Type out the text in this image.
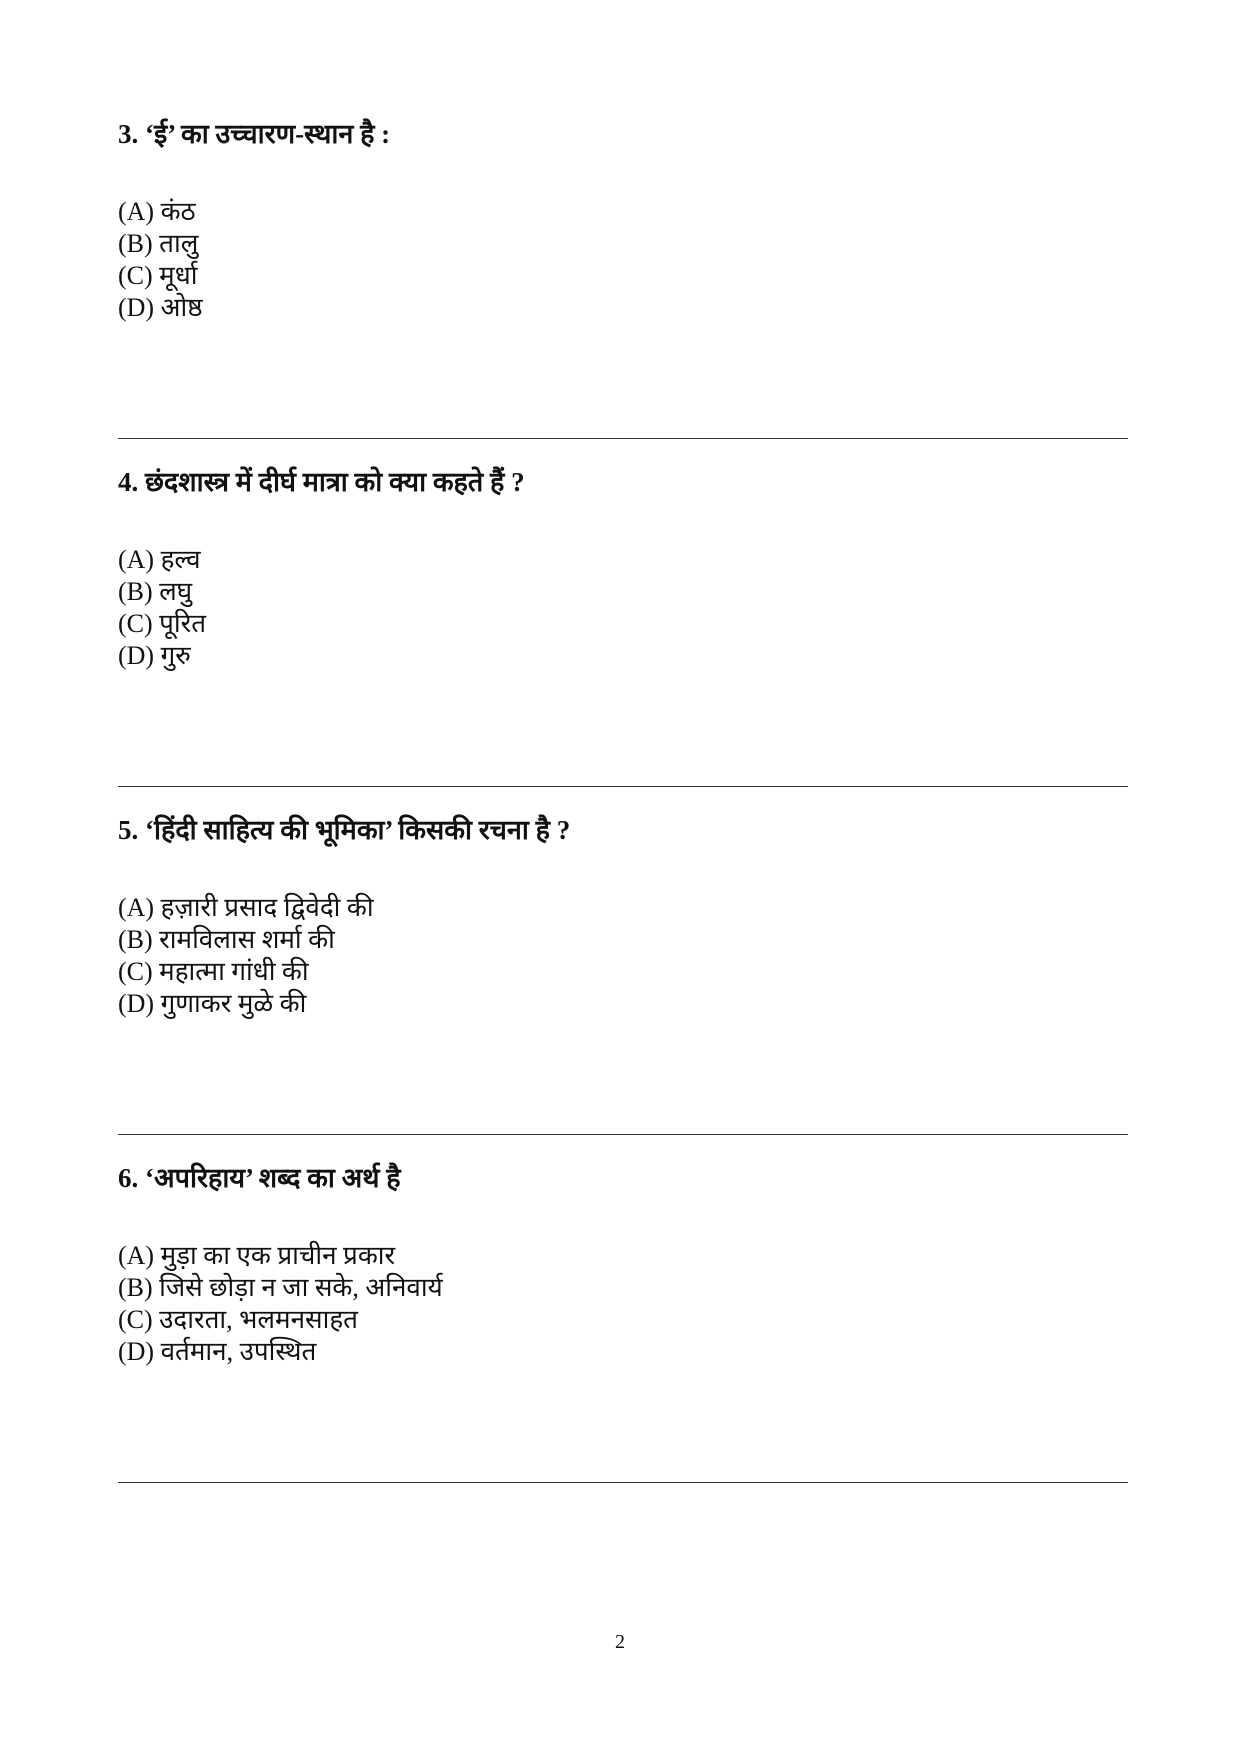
3. ‘ई’ का उच्चारण-स्थान है :

(A) कंठ
(B) तालु
(C) मूर्धा
(D) ओष्ठ

4. छंदशास्त्र में दीर्घ मात्रा को क्या कहते हैं ?

(A) हल्व
(B) लघु
(C) पूरित
(D) गुरु

5. ‘हिंदी साहित्य की भूमिका’ किसकी रचना है ?

(A) हज़ारी प्रसाद द्विवेदी की
(B) रामविलास शर्मा की
(C) महात्मा गांधी की
(D) गुणाकर मुळे की

6. ‘अपरिहाय’ शब्द का अर्थ है

(A) मुड़ा का एक प्राचीन प्रकार
(B) जिसे छोड़ा न जा सके, अनिवार्य
(C) उदारता, भलमनसाहत
(D) वर्तमान, उपस्थित
2
